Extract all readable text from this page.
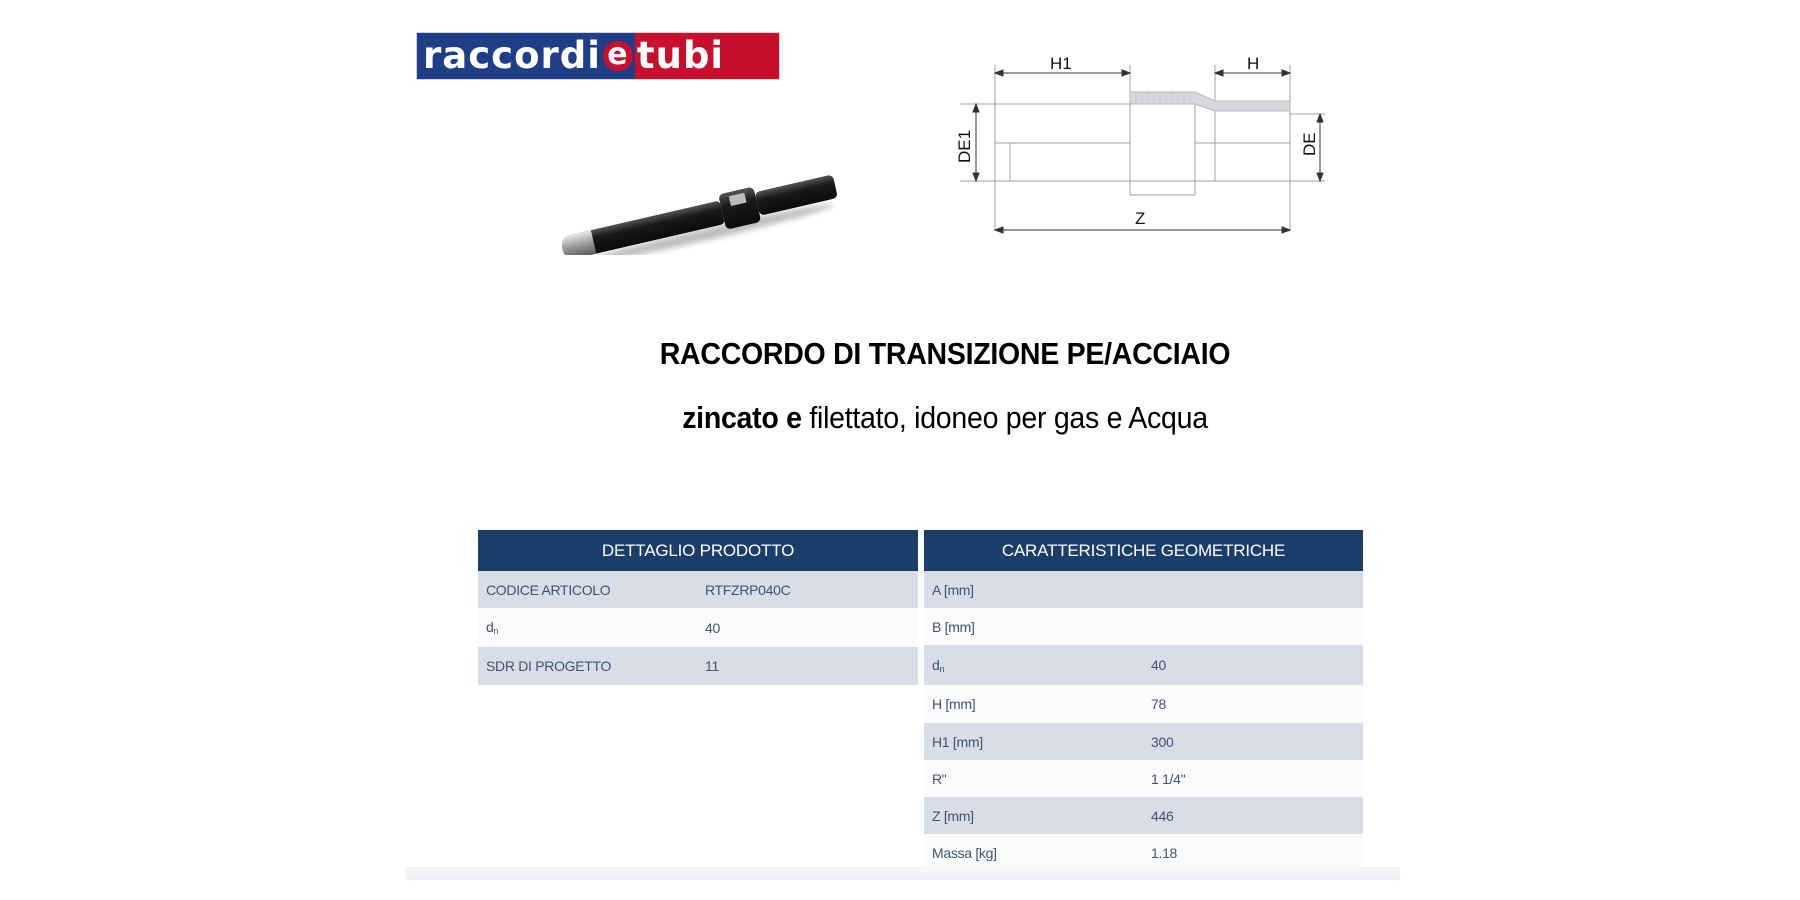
raccordi e tubi	H1	H
Z
DE1	DE
RACCORDO DI TRANSIZIONE PE/ACCIAIO
zincato e filettato, idoneo per gas e Acqua
DETTAGLIO PRODOTTO	
CODICE ARTICOLO	RTFZRP040C
$d_n$	40
SDR DI PROGETTO	11
CARATTERISTICHE GEOMETRICHE	
A [mm]	
B [mm]	
$d_n$	40
H [mm]	78
H1 [mm]	300
R"	1 1/4"
Z [mm]	446
Massa [kg]	1.18
